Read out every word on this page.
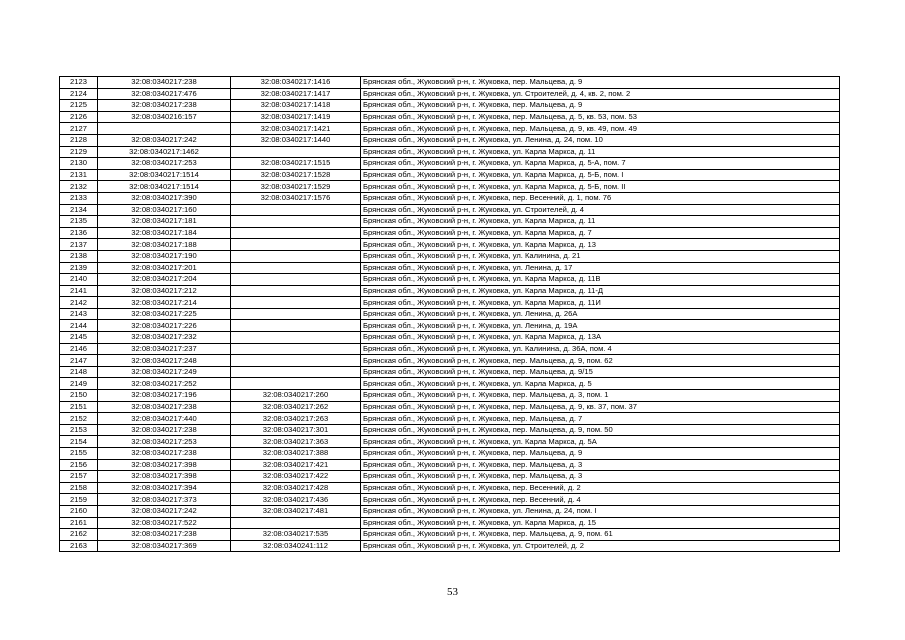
2123	32:08:0340217:238	32:08:0340217:1416	Брянская обл., Жуковский р-н, г. Жуковка, пер. Мальцева, д. 9
2124	32:08:0340217:476	32:08:0340217:1417	Брянская обл., Жуковский р-н, г. Жуковка, ул. Строителей, д. 4, кв. 2, пом. 2
2125	32:08:0340217:238	32:08:0340217:1418	Брянская обл., Жуковский р-н, г. Жуковка, пер. Мальцева, д. 9
2126	32:08:0340216:157	32:08:0340217:1419	Брянская обл., Жуковский р-н, г. Жуковка, пер. Мальцева, д. 5, кв. 53, пом. 53
2127		32:08:0340217:1421	Брянская обл., Жуковский р-н, г. Жуковка, пер. Мальцева, д. 9, кв. 49, пом. 49
2128	32:08:0340217:242	32:08:0340217:1440	Брянская обл., Жуковский р-н, г. Жуковка, ул. Ленина, д. 24, пом. 10
2129	32:08:0340217:1462		Брянская обл., Жуковский р-н, г. Жуковка, ул. Карла Маркса, д. 11
2130	32:08:0340217:253	32:08:0340217:1515	Брянская обл., Жуковский р-н, г. Жуковка, ул. Карла Маркса, д. 5-А, пом. 7
2131	32:08:0340217:1514	32:08:0340217:1528	Брянская обл., Жуковский р-н, г. Жуковка, ул. Карла Маркса, д. 5-Б, пом. I
2132	32:08:0340217:1514	32:08:0340217:1529	Брянская обл., Жуковский р-н, г. Жуковка, ул. Карла Маркса, д. 5-Б, пом. II
2133	32:08:0340217:390	32:08:0340217:1576	Брянская обл., Жуковский р-н, г. Жуковка, пер. Весенний, д. 1, пом. 76
2134	32:08:0340217:160		Брянская обл., Жуковский р-н, г. Жуковка, ул. Строителей, д. 4
2135	32:08:0340217:181		Брянская обл., Жуковский р-н, г. Жуковка, ул. Карла Маркса, д. 11
2136	32:08:0340217:184		Брянская обл., Жуковский р-н, г. Жуковка, ул. Карла Маркса, д. 7
2137	32:08:0340217:188		Брянская обл., Жуковский р-н, г. Жуковка, ул. Карла Маркса, д. 13
2138	32:08:0340217:190		Брянская обл., Жуковский р-н, г. Жуковка, ул. Калинина, д. 21
2139	32:08:0340217:201		Брянская обл., Жуковский р-н, г. Жуковка, ул. Ленина, д. 17
2140	32:08:0340217:204		Брянская обл., Жуковский р-н, г. Жуковка, ул. Карла Маркса, д. 11В
2141	32:08:0340217:212		Брянская обл., Жуковский р-н, г. Жуковка, ул. Карла Маркса, д. 11-Д
2142	32:08:0340217:214		Брянская обл., Жуковский р-н, г. Жуковка, ул. Карла Маркса, д. 11И
2143	32:08:0340217:225		Брянская обл., Жуковский р-н, г. Жуковка, ул. Ленина, д. 26А
2144	32:08:0340217:226		Брянская обл., Жуковский р-н, г. Жуковка, ул. Ленина, д. 19А
2145	32:08:0340217:232		Брянская обл., Жуковский р-н, г. Жуковка, ул. Карла Маркса, д. 13А
2146	32:08:0340217:237		Брянская обл., Жуковский р-н, г. Жуковка, ул. Калинина, д. 36А, пом. 4
2147	32:08:0340217:248		Брянская обл., Жуковский р-н, г. Жуковка, пер. Мальцева, д. 9, пом. 62
2148	32:08:0340217:249		Брянская обл., Жуковский р-н, г. Жуковка, пер. Мальцева, д. 9/15
2149	32:08:0340217:252		Брянская обл., Жуковский р-н, г. Жуковка, ул. Карла Маркса, д. 5
2150	32:08:0340217:196	32:08:0340217:260	Брянская обл., Жуковский р-н, г. Жуковка, пер. Мальцева, д. 3, пом. 1
2151	32:08:0340217:238	32:08:0340217:262	Брянская обл., Жуковский р-н, г. Жуковка, пер. Мальцева, д. 9, кв. 37, пом. 37
2152	32:08:0340217:440	32:08:0340217:263	Брянская обл., Жуковский р-н, г. Жуковка, пер. Мальцева, д. 7
2153	32:08:0340217:238	32:08:0340217:301	Брянская обл., Жуковский р-н, г. Жуковка, пер. Мальцева, д. 9, пом. 50
2154	32:08:0340217:253	32:08:0340217:363	Брянская обл., Жуковский р-н, г. Жуковка, ул. Карла Маркса, д. 5А
2155	32:08:0340217:238	32:08:0340217:388	Брянская обл., Жуковский р-н, г. Жуковка, пер. Мальцева, д. 9
2156	32:08:0340217:398	32:08:0340217:421	Брянская обл., Жуковский р-н, г. Жуковка, пер. Мальцева, д. 3
2157	32:08:0340217:398	32:08:0340217:422	Брянская обл., Жуковский р-н, г. Жуковка, пер. Мальцева, д. 3
2158	32:08:0340217:394	32:08:0340217:428	Брянская обл., Жуковский р-н, г. Жуковка, пер. Весенний, д. 2
2159	32:08:0340217:373	32:08:0340217:436	Брянская обл., Жуковский р-н, г. Жуковка, пер. Весенний, д. 4
2160	32:08:0340217:242	32:08:0340217:481	Брянская обл., Жуковский р-н, г. Жуковка, ул. Ленина, д. 24, пом. I
2161	32:08:0340217:522		Брянская обл., Жуковский р-н, г. Жуковка, ул. Карла Маркса, д. 15
2162	32:08:0340217:238	32:08:0340217:535	Брянская обл., Жуковский р-н, г. Жуковка, пер. Мальцева, д. 9, пом. 61
2163	32:08:0340217:369	32:08:0340241:112	Брянская обл., Жуковский р-н, г. Жуковка, ул. Строителей, д. 2
53
